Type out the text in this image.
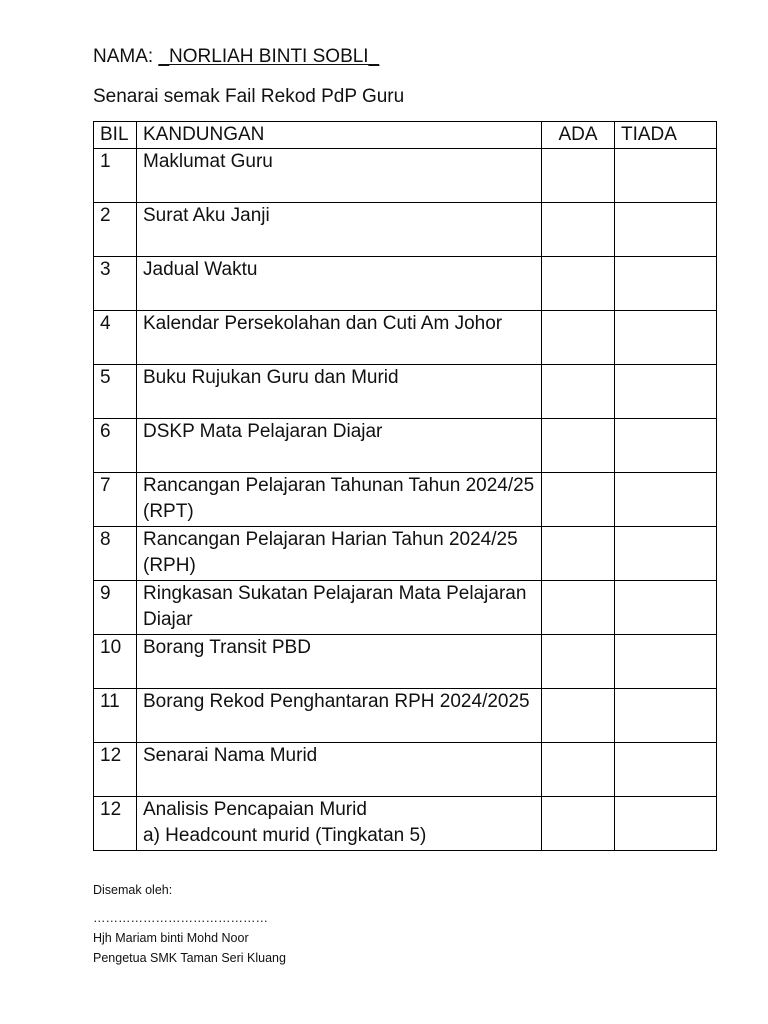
NAMA: _NORLIAH BINTI SOBLI_
Senarai semak Fail Rekod PdP Guru
BIL	KANDUNGAN	ADA	TIADA
1	Maklumat Guru		
2	Surat Aku Janji		
3	Jadual Waktu		
4	Kalendar Persekolahan dan Cuti Am Johor		
5	Buku Rujukan Guru dan Murid		
6	DSKP Mata Pelajaran Diajar		
7	Rancangan Pelajaran Tahunan Tahun 2024/25 (RPT)		
8	Rancangan Pelajaran Harian Tahun 2024/25 (RPH)		
9	Ringkasan Sukatan Pelajaran Mata Pelajaran Diajar		
10	Borang Transit PBD		
11	Borang Rekod Penghantaran RPH 2024/2025		
12	Senarai Nama Murid		
12	Analisis Pencapaian Murid
a) Headcount murid (Tingkatan 5)		
Disemak oleh:
……………………………………
Hjh Mariam binti Mohd Noor
Pengetua SMK Taman Seri Kluang
